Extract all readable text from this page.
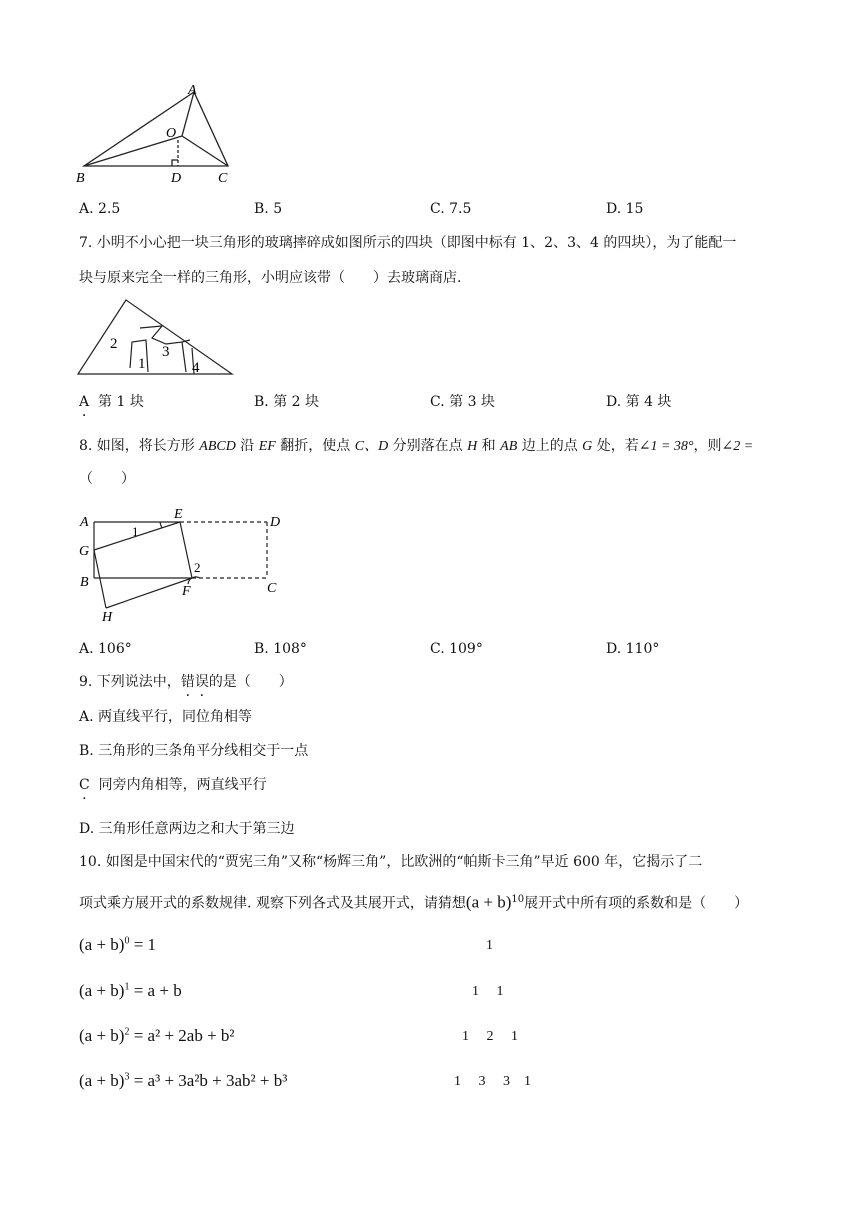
A
O
B	D	C
A. 2.5	B. 5	C. 7.5	D. 15
7. 小明不小心把一块三角形的玻璃摔碎成如图所示的四块（即图中标有 1、2、3、4 的四块），为了能配一
块与原来完全一样的三角形，小明应该带（　　）去玻璃商店.
2
1
3
4
A · 第 1 块	B. 第 2 块	C. 第 3 块	D. 第 4 块
8. 如图，将长方形 ABCD 沿 EF 翻折，使点 C、D 分别落在点 H 和 AB 边上的点 G 处，若∠1 = 38°，则∠2 =
（　　）
A
E
D
G
B
F	C
H
1
2
A. 106°	B. 108°	C. 109°	D. 110°
9. 下列说法中，错误的是（　　）
A. 两直线平行，同位角相等
B. 三角形的三条角平分线相交于一点
C · 同旁内角相等，两直线平行
D. 三角形任意两边之和大于第三边
10. 如图是中国宋代的“贾宪三角”又称“杨辉三角”，比欧洲的“帕斯卡三角”早近 600 年，它揭示了二
项式乘方展开式的系数规律. 观察下列各式及其展开式，请猜想$(a + b)^{10}$展开式中所有项的系数和是（　　）
$(a + b)^0 = 1$	1
$(a + b)^1 = a + b$	1     1
$(a + b)^2 = a^2 + 2ab + b^2$	1     2     1
$(a + b)^3 = a^3 + 3a^2b + 3ab^2 + b^3$	1     3     3    1
